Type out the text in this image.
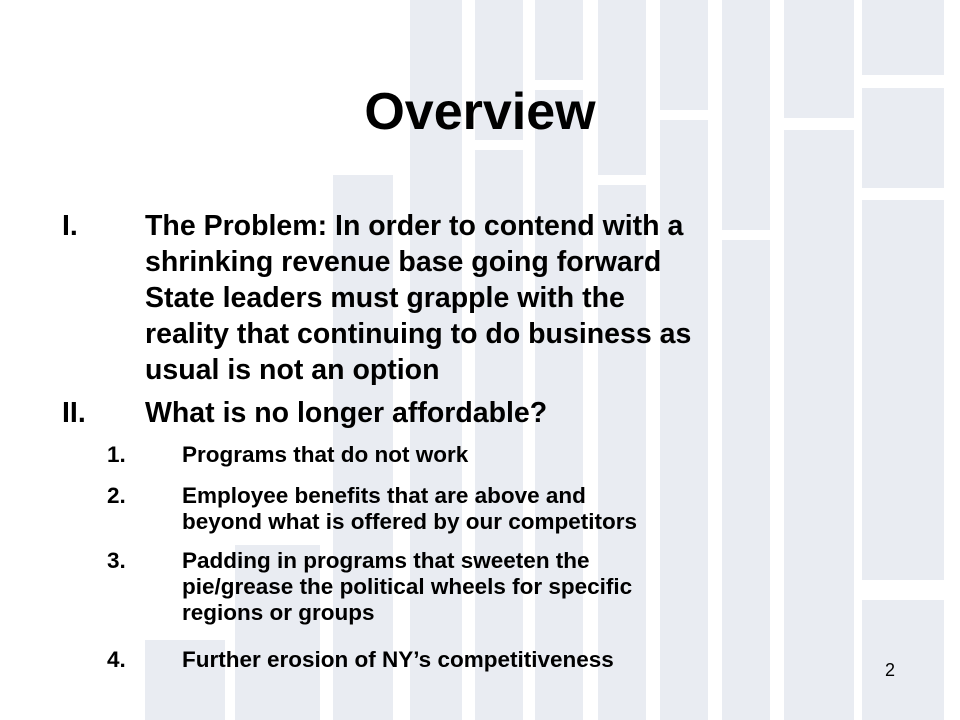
Overview
I. The Problem: In order to contend with a
shrinking revenue base going forward
State leaders must grapple with the
reality that continuing to do business as
usual is not an option
II. What is no longer affordable?
1. Programs that do not work
2. Employee benefits that are above and
beyond what is offered by our competitors
3. Padding in programs that sweeten the
pie/grease the political wheels for specific
regions or groups
4. Further erosion of NY’s competitiveness	2
